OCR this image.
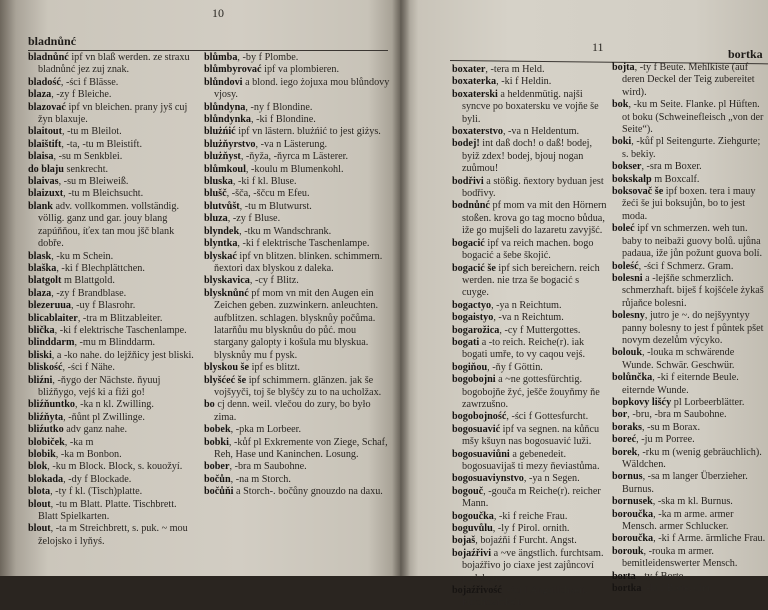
10
bladnůnć

bladnůnć ipf vn blaß werden. ze straxu bladnůnć jez zuj znak.

bladość, -ści f Blässe.

blaza, -zy f Bleiche.

blazovać ipf vn bleichen. prany jyš cuj žyn blaxuje.

blaitout, -tu m Bleilot.

blaištift, -ta, -tu m Bleistift.

blaisa, -su m Senkblei.

do blaju senkrecht.

blaivas, -su m Bleiweiß.

blaizuxt, -tu m Bleichsucht.

blank adv. vollkommen. vollständig. völlig. ganz und gar. jouy blang zapúňňou, íťex tan mou jšč blank dobře.

blask, -ku m Schein.

blaška, -ki f Blechplättchen.

blatgolt m Blattgold.

blaza, -zy f Brandblase.

blezeruua, -uy f Blasrohr.

blicablaiter, -tra m Blitzableiter.

blička, -ki f elektrische Taschenlampe.

blinddarm, -mu m Blinddarm.

bliski, a -ko nahe. do lejžňicy jest bliski.

bliskość, -ści f Nähe.

bliźni, -ňygo der Nächste. ňyuuj bliźňygo, vejś ki a fiżi go!

bliźňuntko, -ka n kl. Zwilling.

bliźňyta, -ňůnt pl Zwillinge.

bliźutko adv ganz nahe.

blobiček, -ka m

blobik, -ka m Bonbon.

blok, -ku m Block. Block, s. kouožyí.

blokada, -dy f Blockade.

blota, -ty f kl. (Tisch)platte.

blout, -tu m Blatt. Platte. Tischbrett. Blatt Spielkarten.

blout, -ta m Streichbrett, s. puk. ~ mou želojsko i lyňyś.

blůmba, -by f Plombe.

blůmbyrovać ipf va plombieren.

blůndovi a blond. iego żojuxa mou blůndovy vjosy.

blůndyna, -ny f Blondine.

blůndynka, -ki f Blondine.

blużńić ipf vn lästern. blużńić to jest giżys.

blużňyrstvo, -va n Lästerung.

blużňyst, -ňyža, -ňyrca m Lästerer.

blůmkoul, -koulu m Blumenkohl.

bluska, -ki f kl. Bluse.

blušč, -šča, -ščcu m Efeu.

blutvůšt, -tu m Blutwurst.

bluza, -zy f Bluse.

blyndek, -tku m Wandschrank.

blyntka, -ki f elektrische Taschenlampe.

blyskać ipf vn blitzen. blinken. schimmern. ňextori dax blyskou z daleka.

blyskavica, -cy f Blitz.

blysknůnć pf mom vn mit den Augen ein Zeichen geben. zuzwinkern. anleuchten. aufblitzen. schlagen. blysknůy počůma. latarňůu mu blysknůu do půć. mou stargany galopty i košula mu blyskua. blysknůy mu f pysk.

blyskou še ipf es blitzt.

blyšćeć še ipf schimmern. glänzen. jak še vojšyyči, toj še blyšćy zu to na ucholžax.

bo cj denn. weil. vlečou do zury, bo było zima.

bobek, -pka m Lorbeer.

bobki, -kůf pl Exkremente von Ziege, Schaf, Reh, Hase und Kaninchen. Losung.

bober, -bra m Saubohne.

bočůn, -na m Storch.

bočůňi a Storch-. bočůny gnouzdo na daxu.

11	bortka

boxater, -tera m Held.

boxaterka, -ki f Heldin.

boxaterski a heldenmütig. najši syncve po boxatersku ve vojňe še byli.

boxaterstvo, -va n Heldentum.

bodej! int daß doch! o daß! bodej, byiž zdex! bodej, bjouj nogan zuůmou!

bodřivi a stößig. ňextory byduan jest bodřivy.

bodnůnć pf mom va mit den Hörnern stoßen. krova go tag mocno bůdua, iže go mujšeli do lazaretu zavyjšć.

bogacić ipf va reich machen. bogo bogacić a šebe škojić.

bogacić še ipf sich bereichern. reich werden. nie trza še bogacić s cuyge.

bogactyo, -ya n Reichtum.

bogaistyo, -va n Reichtum.

bogarožica, -cy f Muttergottes.

bogati a -to reich. Reiche(r). iak bogati umře, to vy caqou vejś.

bogiňou, -ňy f Göttin.

bogobojni a ~ne gottesfürchtig. bogobojňe žyć, ješče žouyňmy ňe zawrzušno.

bogobojność, -ści f Gottesfurcht.

bogosuavić ipf va segnen. na kůňcu mšy kšuyn nas bogosuavić luži.

bogosuaviůni a gebenedeit. bogosuavijaš ti mezy ňeviastůma.

bogosuaviynstvo, -ya n Segen.

bogouč, -gouča m Reiche(r). reicher Mann.

bogoučka, -ki f reiche Frau.

boguvůlu, -ly f Pirol. ornith.

bojaš, bojaźňi f Furcht. Angst.

bojaźřivi a ~ve ängstlich. furchtsam. bojaźřivo jo ciaxe jest zajůncoví podobyn.

bojaźřivość, -ści f Ängstlichkeit. Furchtsamkeit.

bojta, -ty f Beute. Mehlkiste (auf deren Deckel der Teig zubereitet wird).

bok, -ku m Seite. Flanke. pl Hüften. ot boku (Schweinefleisch „von der Seite“).

boki, -kůf pl Seitengurte. Ziehgurte; s. bekiy.

bokser, -sra m Boxer.

bokskalp m Boxcalf.

boksovač še ipf boxen. tera i mauy žeći še jui boksujůn, bo to jest moda.

boleć ipf vn schmerzen. weh tun. baby to neibaži guovy bolů. ujůna padaua, iže jůn požunt guova bolí.

boleść, -ści f Schmerz. Gram.

bolesni a -lejšňe schmerzlich. schmerzhaft. biješ f kojšćele żykaš růjaňce bolesni.

bolesny, jutro je ~. do nejšyyntyy panny bolesny to jest f půntek pšet novym dezelům výcyko.

bolouk, -louka m schwärende Wunde. Schwär. Geschwür.

bolůnčka, -ki f eiternde Beule. eiternde Wunde.

bopkovy lišćy pl Lorbeerblätter.

bor, -bru, -bra m Saubohne.

boraks, -su m Borax.

boreć, -ju m Porree.

borek, -rku m (wenig gebräuchlich). Wäldchen.

bornus, -sa m langer Überzieher. Burnus.

bornusek, -ska m kl. Burnus.

boroučka, -ka m arme. armer Mensch. armer Schlucker.

boroučka, -ki f Arme. ärmliche Frau.

borouk, -rouka m armer. bemitleidenswerter Mensch.

borta, -ty f Borte.

bortka, -ki f Borte. dim
